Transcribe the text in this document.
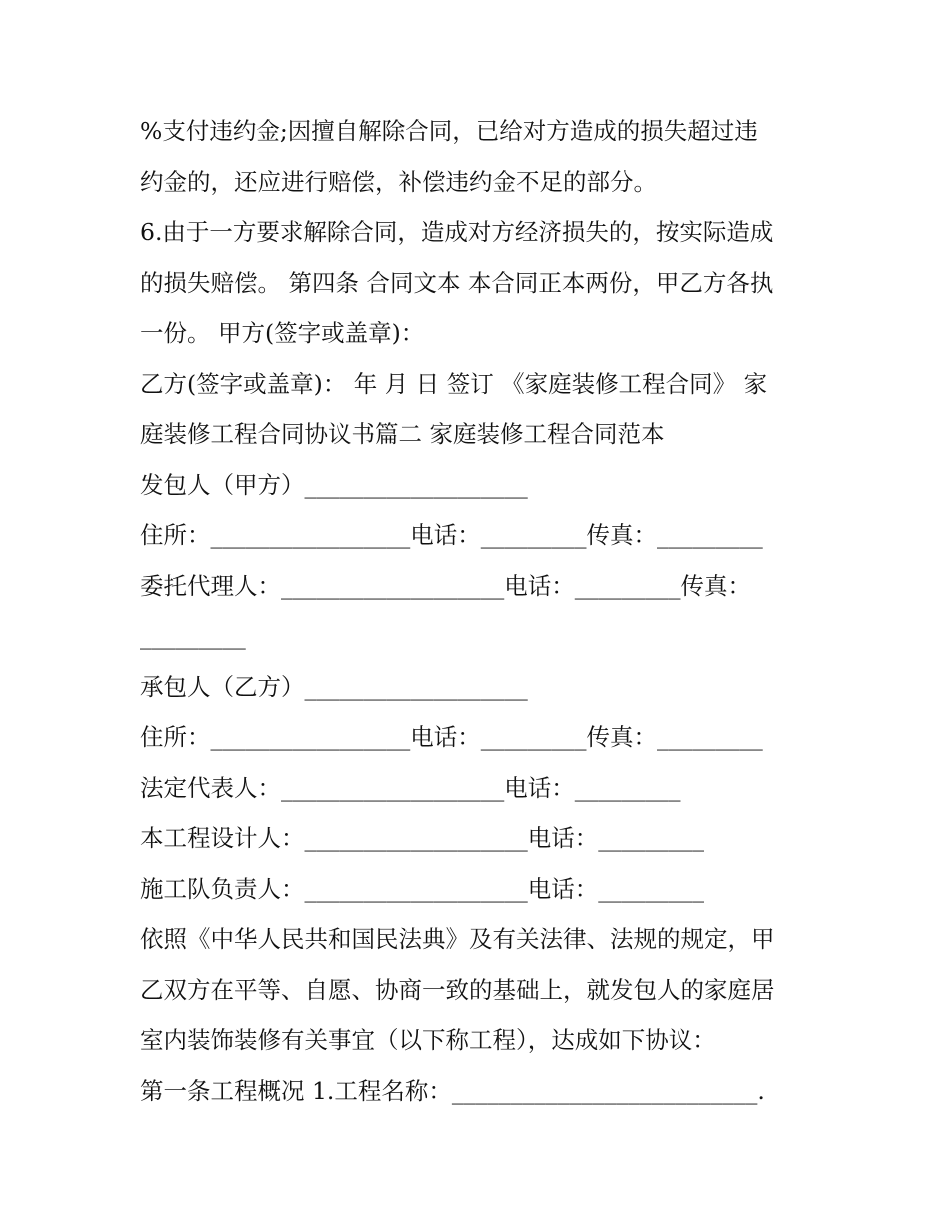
%支付违约金;因擅自解除合同，已给对方造成的损失超过违
约金的，还应进行赔偿，补偿违约金不足的部分。
6.由于一方要求解除合同，造成对方经济损失的，按实际造成
的损失赔偿。 第四条 合同文本 本合同正本两份，甲乙方各执
一份。 甲方(签字或盖章)：
乙方(签字或盖章)： 年 月 日 签订 《家庭装修工程合同》 家
庭装修工程合同协议书篇二 家庭装修工程合同范本
发包人（甲方）___________________
住所：_________________电话：_________传真：_________
委托代理人：___________________电话：_________传真：
_________
承包人（乙方）___________________
住所：_________________电话：_________传真：_________
法定代表人：___________________电话：_________
本工程设计人：___________________电话：_________
施工队负责人：___________________电话：_________
依照《中华人民共和国民法典》及有关法律、法规的规定，甲
乙双方在平等、自愿、协商一致的基础上，就发包人的家庭居
室内装饰装修有关事宜（以下称工程），达成如下协议：
第一条工程概况 1.工程名称：__________________________.
